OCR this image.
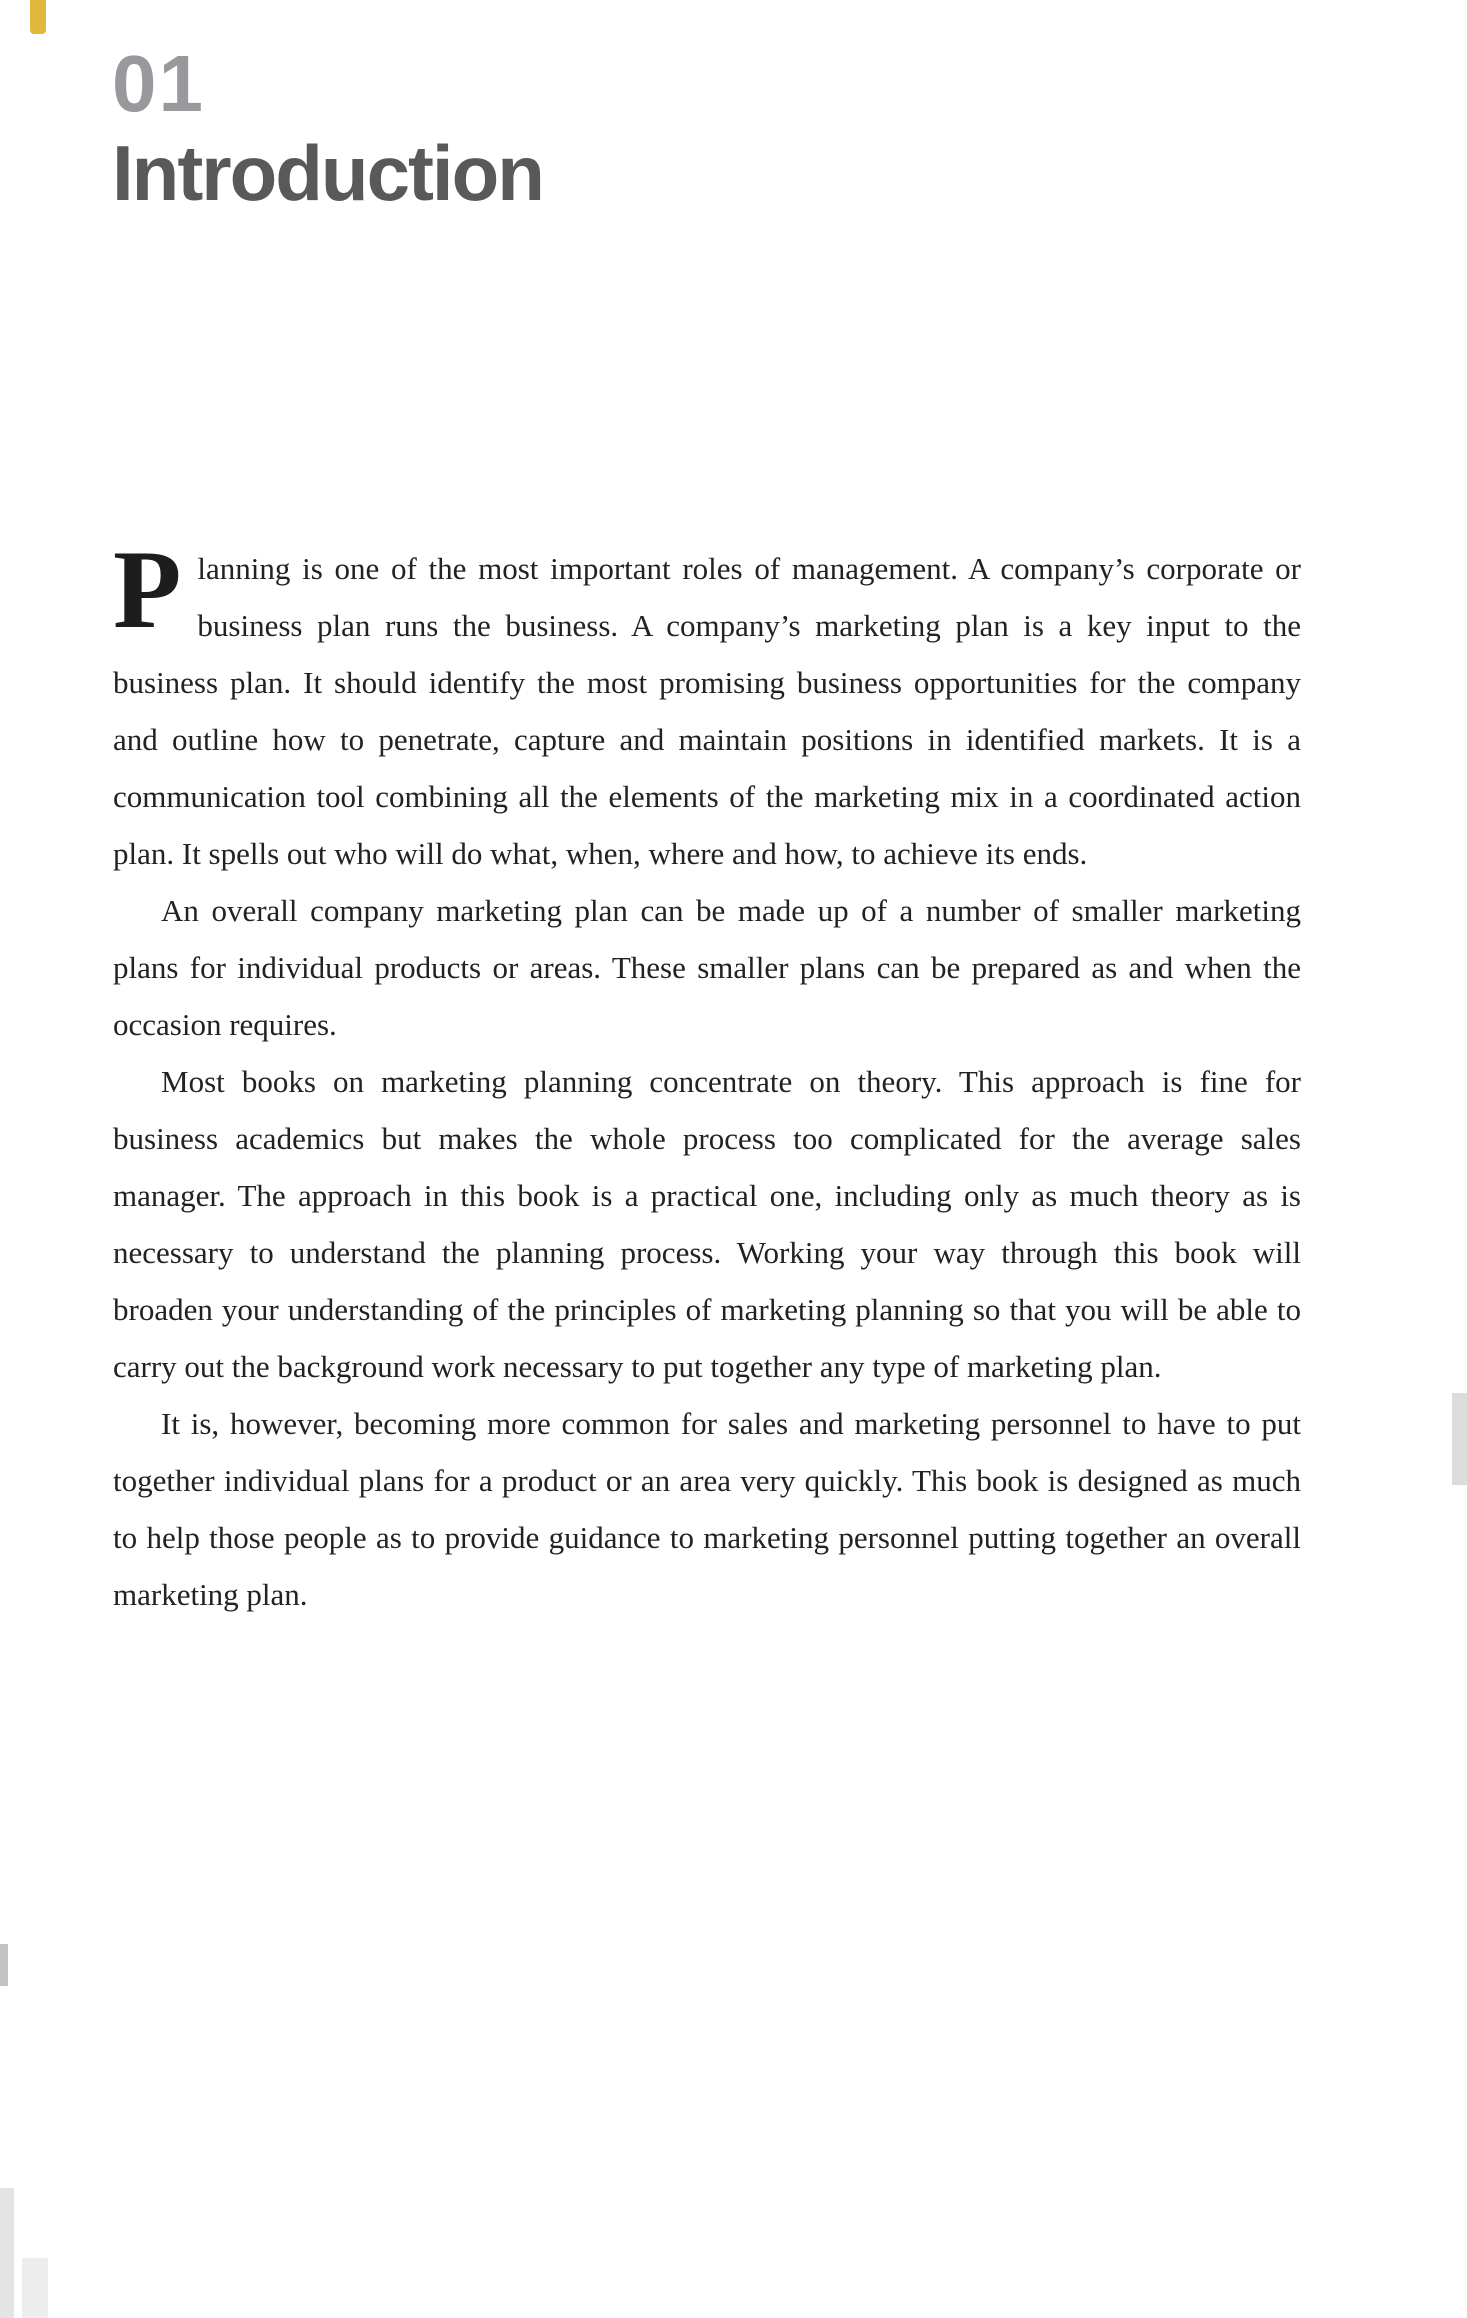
01
Introduction

Planning is one of the most important roles of management. A company’s corporate or business plan runs the business. A company’s marketing plan is a key input to the business plan. It should identify the most promising business opportunities for the company and outline how to penetrate, capture and maintain positions in identified markets. It is a communication tool combining all the elements of the marketing mix in a coordinated action plan. It spells out who will do what, when, where and how, to achieve its ends.

An overall company marketing plan can be made up of a number of smaller marketing plans for individual products or areas. These smaller plans can be prepared as and when the occasion requires.

Most books on marketing planning concentrate on theory. This approach is fine for business academics but makes the whole process too complicated for the average sales manager. The approach in this book is a practical one, including only as much theory as is necessary to understand the planning process. Working your way through this book will broaden your understanding of the principles of marketing planning so that you will be able to carry out the background work necessary to put together any type of marketing plan.

It is, however, becoming more common for sales and marketing personnel to have to put together individual plans for a product or an area very quickly. This book is designed as much to help those people as to provide guidance to marketing personnel putting together an overall marketing plan.
